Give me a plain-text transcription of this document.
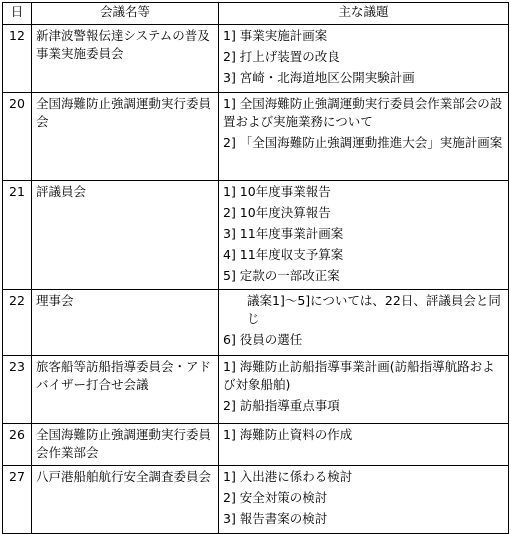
日	会議名等	主な議題
12	新津波警報伝達システムの普及事業実施委員会	1] 事業実施計画案
2] 打上げ装置の改良
3] 宮崎・北海道地区公開実験計画

20	全国海難防止強調運動実行委員会	1] 全国海難防止強調運動実行委員会作業部会の設置および実施業務について
2] 「全国海難防止強調運動推進大会」実施計画案

21	評議員会	1] 10年度事業報告
2] 10年度決算報告
3] 11年度事業計画案
4] 11年度収支予算案
5] 定款の一部改正案

22	理事会	議案1]～5]については、22日、評議員会と同じ
6] 役員の選任

23	旅客船等訪船指導委員会・アドバイザー打合せ会議	1] 海難防止訪船指導事業計画(訪船指導航路および対象船舶)
2] 訪船指導重点事項

26	全国海難防止強調運動実行委員会作業部会	1] 海難防止資料の作成

27	八戸港船舶航行安全調査委員会	1] 入出港に係わる検討
2] 安全対策の検討
3] 報告書案の検討
